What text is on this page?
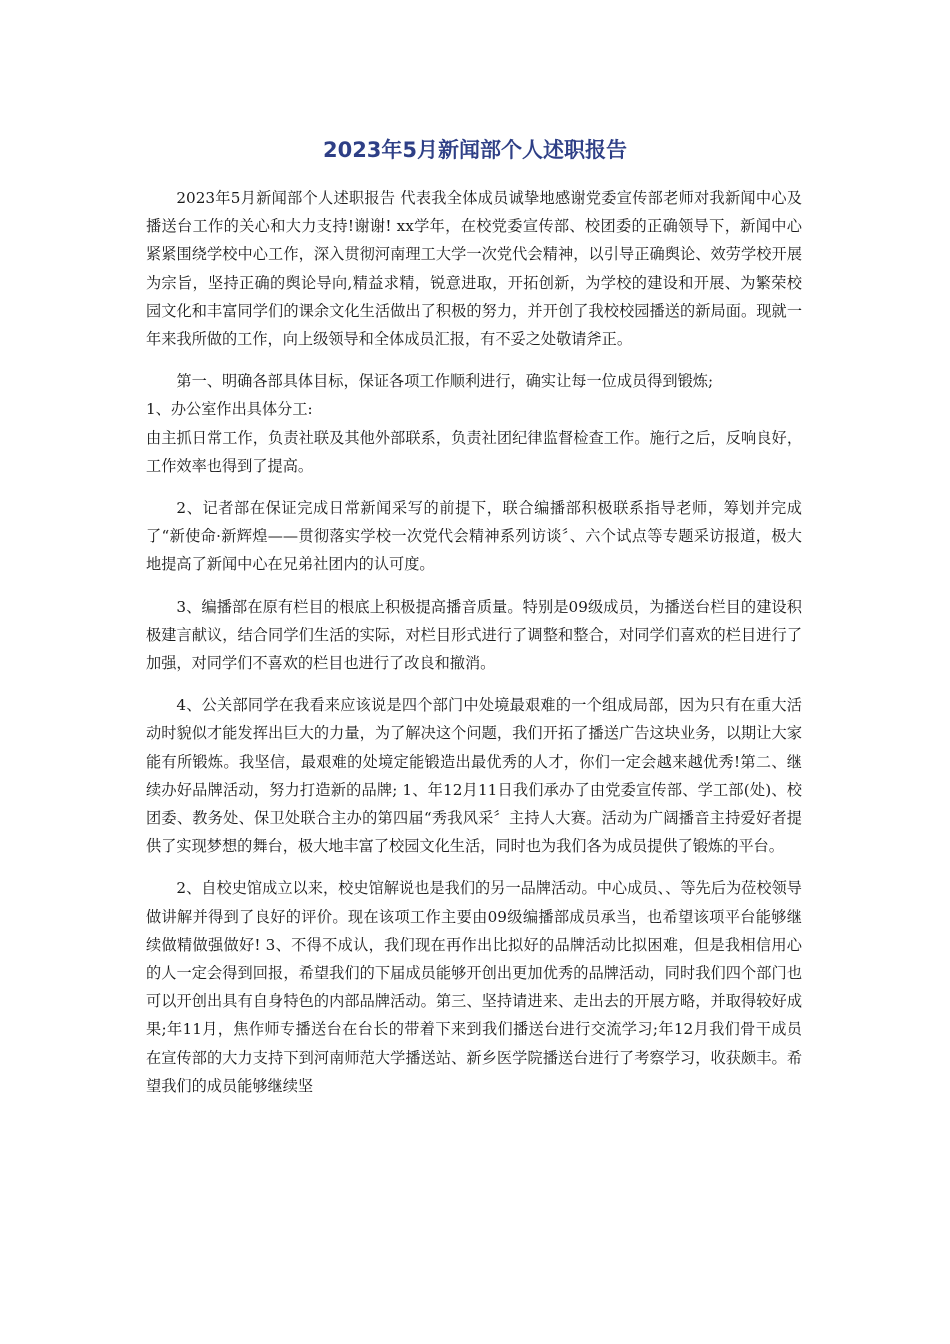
2023年5月新闻部个人述职报告

2023年5月新闻部个人述职报告 代表我全体成员诚挚地感谢党委宣传部老师对我新闻中心及播送台工作的关心和大力支持!谢谢! xx学年，在校党委宣传部、校团委的正确领导下，新闻中心紧紧围绕学校中心工作，深入贯彻河南理工大学一次党代会精神，以引导正确舆论、效劳学校开展为宗旨，坚持正确的舆论导向,精益求精，锐意进取，开拓创新，为学校的建设和开展、为繁荣校园文化和丰富同学们的课余文化生活做出了积极的努力，并开创了我校校园播送的新局面。现就一年来我所做的工作，向上级领导和全体成员汇报，有不妥之处敬请斧正。

第一、明确各部具体目标，保证各项工作顺利进行，确实让每一位成员得到锻炼;

1、办公室作出具体分工:

由主抓日常工作，负责社联及其他外部联系，负责社团纪律监督检查工作。施行之后，反响良好，工作效率也得到了提高。

2、记者部在保证完成日常新闻采写的前提下，联合编播部积极联系指导老师，筹划并完成了“新使命·新辉煌——贯彻落实学校一次党代会精神系列访谈〞、六个试点等专题采访报道，极大地提高了新闻中心在兄弟社团内的认可度。

3、编播部在原有栏目的根底上积极提高播音质量。特别是09级成员，为播送台栏目的建设积极建言献议，结合同学们生活的实际，对栏目形式进行了调整和整合，对同学们喜欢的栏目进行了加强，对同学们不喜欢的栏目也进行了改良和撤消。

4、公关部同学在我看来应该说是四个部门中处境最艰难的一个组成局部，因为只有在重大活动时貌似才能发挥出巨大的力量，为了解决这个问题，我们开拓了播送广告这块业务，以期让大家能有所锻炼。我坚信，最艰难的处境定能锻造出最优秀的人才，你们一定会越来越优秀!第二、继续办好品牌活动，努力打造新的品牌; 1、年12月11日我们承办了由党委宣传部、学工部(处)、校团委、教务处、保卫处联合主办的第四届“秀我风采〞主持人大赛。活动为广阔播音主持爱好者提供了实现梦想的舞台，极大地丰富了校园文化生活，同时也为我们各为成员提供了锻炼的平台。

2、自校史馆成立以来，校史馆解说也是我们的另一品牌活动。中心成员、、等先后为莅校领导做讲解并得到了良好的评价。现在该项工作主要由09级编播部成员承当，也希望该项平台能够继续做精做强做好! 3、不得不成认，我们现在再作出比拟好的品牌活动比拟困难，但是我相信用心的人一定会得到回报，希望我们的下届成员能够开创出更加优秀的品牌活动，同时我们四个部门也可以开创出具有自身特色的内部品牌活动。第三、坚持请进来、走出去的开展方略，并取得较好成果;年11月，焦作师专播送台在台长的带着下来到我们播送台进行交流学习;年12月我们骨干成员在宣传部的大力支持下到河南师范大学播送站、新乡医学院播送台进行了考察学习，收获颇丰。希望我们的成员能够继续坚
